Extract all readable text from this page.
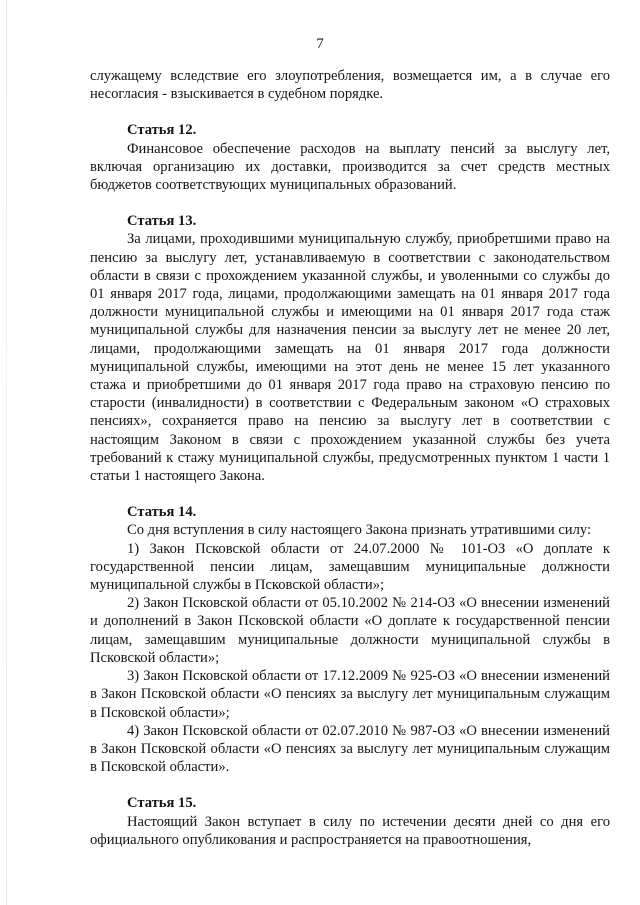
7

служащему вследствие его злоупотребления, возмещается им, а в случае его несогласия - взыскивается в судебном порядке.

Статья 12.

Финансовое обеспечение расходов на выплату пенсий за выслугу лет, включая организацию их доставки, производится за счет средств местных бюджетов соответствующих муниципальных образований.

Статья 13.

За лицами, проходившими муниципальную службу, приобретшими право на пенсию за выслугу лет, устанавливаемую в соответствии с законодательством области в связи с прохождением указанной службы, и уволенными со службы до 01 января 2017 года, лицами, продолжающими замещать на 01 января 2017 года должности муниципальной службы и имеющими на 01 января 2017 года стаж муниципальной службы для назначения пенсии за выслугу лет не менее 20 лет, лицами, продолжающими замещать на 01 января 2017 года должности муниципальной службы, имеющими на этот день не менее 15 лет указанного стажа и приобретшими до 01 января 2017 года право на страховую пенсию по старости (инвалидности) в соответствии с Федеральным законом «О страховых пенсиях», сохраняется право на пенсию за выслугу лет в соответствии с настоящим Законом в связи с прохождением указанной службы без учета требований к стажу муниципальной службы, предусмотренных пунктом 1 части 1 статьи 1 настоящего Закона.

Статья 14.

Со дня вступления в силу настоящего Закона признать утратившими силу:

1) Закон Псковской области от 24.07.2000 № 101-ОЗ «О доплате к государственной пенсии лицам, замещавшим муниципальные должности муниципальной службы в Псковской области»;

2) Закон Псковской области от 05.10.2002 № 214-ОЗ «О внесении изменений и дополнений в Закон Псковской области «О доплате к государственной пенсии лицам, замещавшим муниципальные должности муниципальной службы в Псковской области»;

3) Закон Псковской области от 17.12.2009 № 925-ОЗ «О внесении изменений в Закон Псковской области «О пенсиях за выслугу лет муниципальным служащим в Псковской области»;

4) Закон Псковской области от 02.07.2010 № 987-ОЗ «О внесении изменений в Закон Псковской области «О пенсиях за выслугу лет муниципальным служащим в Псковской области».

Статья 15.

Настоящий Закон вступает в силу по истечении десяти дней со дня его официального опубликования и распространяется на правоотношения,
